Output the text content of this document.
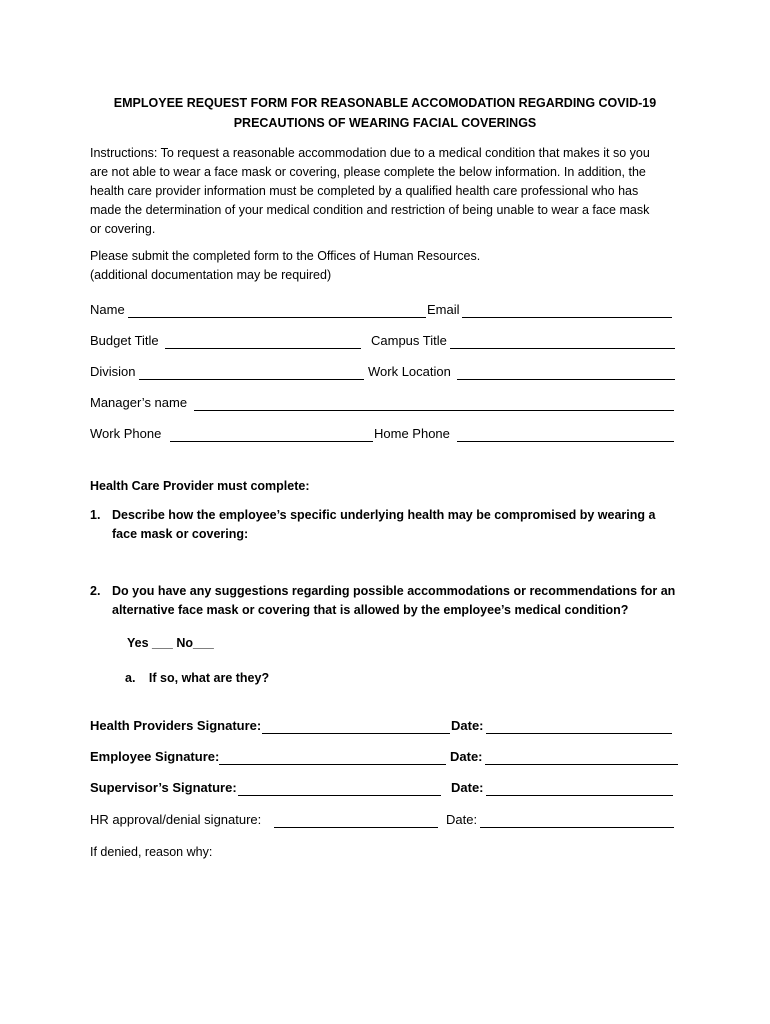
EMPLOYEE REQUEST FORM FOR REASONABLE ACCOMODATION REGARDING COVID-19
PRECAUTIONS OF WEARING FACIAL COVERINGS
Instructions: To request a reasonable accommodation due to a medical condition that makes it so you
are not able to wear a face mask or covering, please complete the below information. In addition, the
health care provider information must be completed by a qualified health care professional who has
made the determination of your medical condition and restriction of being unable to wear a face mask
or covering.
Please submit the completed form to the Offices of Human Resources.
(additional documentation may be required)
Name	Email
Budget Title	Campus Title
Division	Work Location
Manager’s name
Work Phone	Home Phone
Health Care Provider must complete:
1. Describe how the employee’s specific underlying health may be compromised by wearing a
face mask or covering:
2. Do you have any suggestions regarding possible accommodations or recommendations for an
alternative face mask or covering that is allowed by the employee’s medical condition?
Yes ___ No___
a. If so, what are they?
Health Providers Signature:	Date:
Employee Signature:	Date:
Supervisor’s Signature:	Date:
HR approval/denial signature:	Date:
If denied, reason why:
